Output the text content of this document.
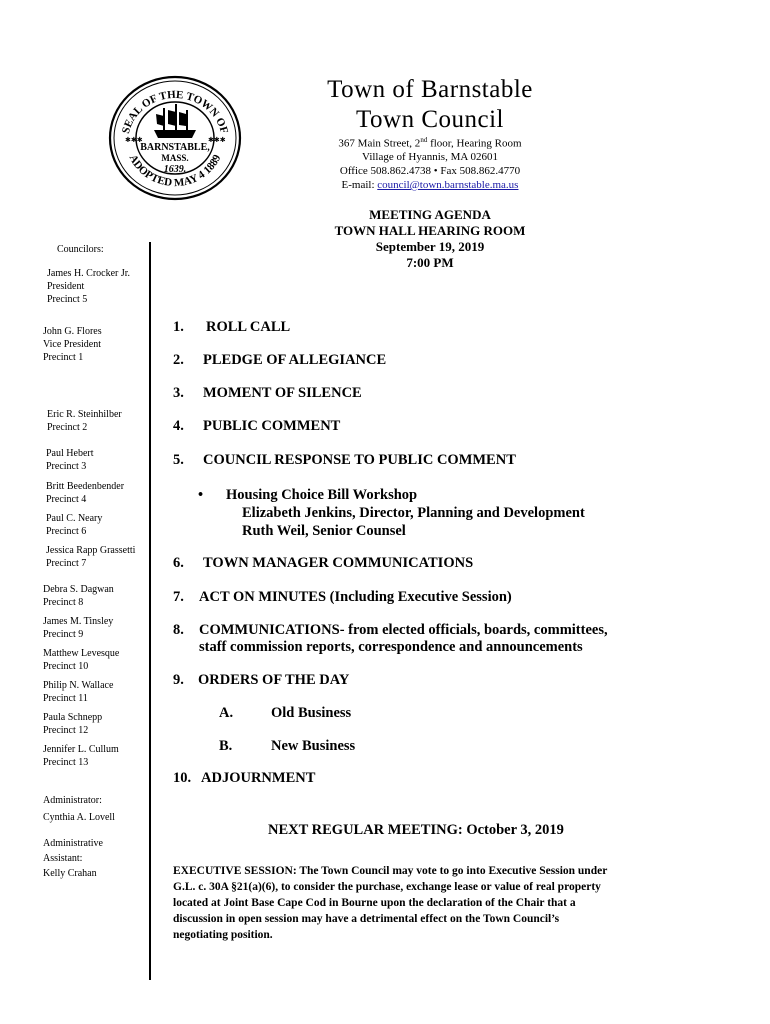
SEAL OF THE TOWN OF
ADOPTED MAY 4 1889
BARNSTABLE,
MASS.
1639.
✱✱✱	✱✱✱
Town of Barnstable
Town Council
367 Main Street, 2nd floor, Hearing Room
Village of Hyannis, MA 02601
Office 508.862.4738 • Fax 508.862.4770
E-mail: council@town.barnstable.ma.us
MEETING AGENDA
TOWN HALL HEARING ROOM
September 19, 2019
7:00 PM
Councilors:
James H. Crocker Jr.
President
Precinct 5
John G. Flores
Vice President
Precinct 1
Eric R. Steinhilber
Precinct 2
Paul Hebert
Precinct 3
Britt Beedenbender
Precinct 4
Paul C. Neary
Precinct 6
Jessica Rapp Grassetti
Precinct 7
Debra S. Dagwan
Precinct 8
James M. Tinsley
Precinct 9
Matthew Levesque
Precinct 10
Philip N. Wallace
Precinct 11
Paula Schnepp
Precinct 12
Jennifer L. Cullum
Precinct 13
Administrator:
Cynthia A. Lovell
Administrative
Assistant:
Kelly Crahan
1. ROLL CALL
2. PLEDGE OF ALLEGIANCE
3. MOMENT OF SILENCE
4. PUBLIC COMMENT
5. COUNCIL RESPONSE TO PUBLIC COMMENT
• Housing Choice Bill Workshop
Elizabeth Jenkins, Director, Planning and Development
Ruth Weil, Senior Counsel
6. TOWN MANAGER COMMUNICATIONS
7. ACT ON MINUTES (Including Executive Session)
8. COMMUNICATIONS- from elected officials, boards, committees,
staff commission reports, correspondence and announcements
9. ORDERS OF THE DAY
A.	Old Business
B.	New Business
10. ADJOURNMENT
NEXT REGULAR MEETING: October 3, 2019
EXECUTIVE SESSION: The Town Council may vote to go into Executive Session under
G.L. c. 30A §21(a)(6), to consider the purchase, exchange lease or value of real property
located at Joint Base Cape Cod in Bourne upon the declaration of the Chair that a
discussion in open session may have a detrimental effect on the Town Council’s
negotiating position.
